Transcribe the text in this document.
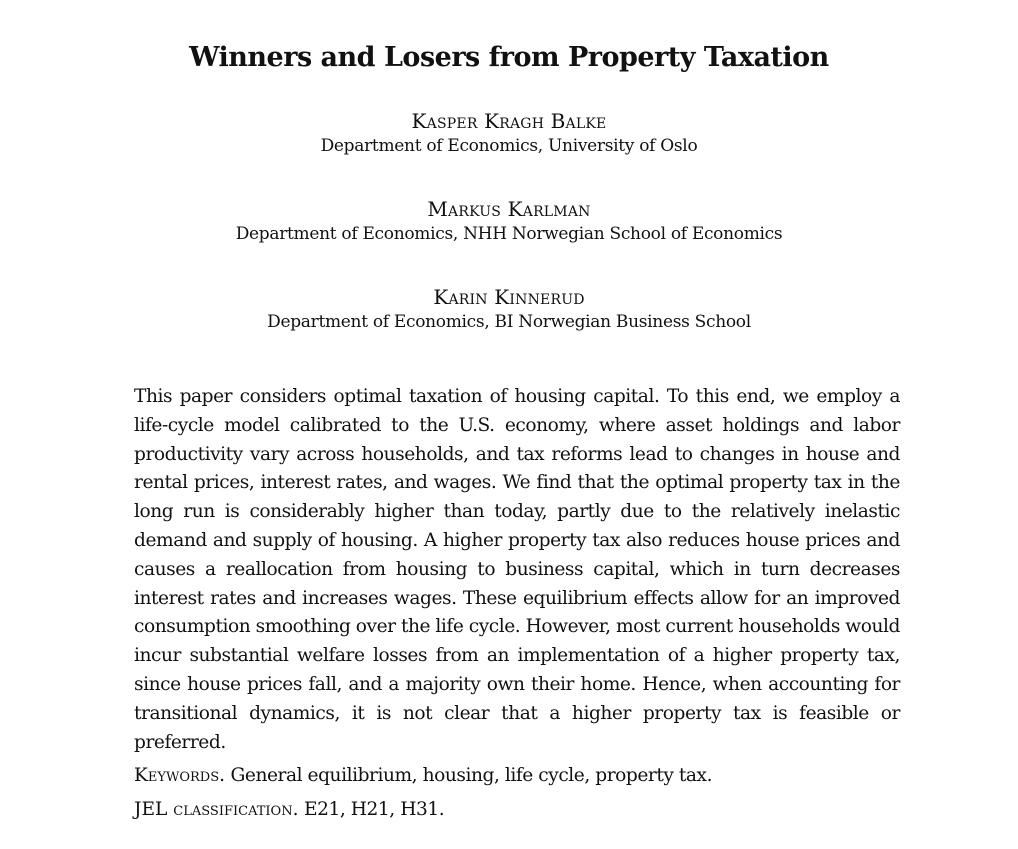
Winners and Losers from Property Taxation
Kasper Kragh Balke
Department of Economics, University of Oslo
Markus Karlman
Department of Economics, NHH Norwegian School of Economics
Karin Kinnerud
Department of Economics, BI Norwegian Business School

This paper considers optimal taxation of housing capital. To this end, we employ a life-cycle model calibrated to the U.S. economy, where asset holdings and labor productivity vary across households, and tax reforms lead to changes in house and rental prices, interest rates, and wages. We find that the optimal property tax in the long run is considerably higher than today, partly due to the relatively inelastic demand and supply of housing. A higher property tax also reduces house prices and causes a reallocation from housing to business capital, which in turn decreases interest rates and increases wages. These equilibrium effects allow for an improved consumption smoothing over the life cycle. However, most current households would incur substantial welfare losses from an implementation of a higher property tax, since house prices fall, and a majority own their home. Hence, when accounting for transitional dynamics, it is not clear that a higher property tax is feasible or preferred.

Keywords. General equilibrium, housing, life cycle, property tax.
JEL classification. E21, H21, H31.
